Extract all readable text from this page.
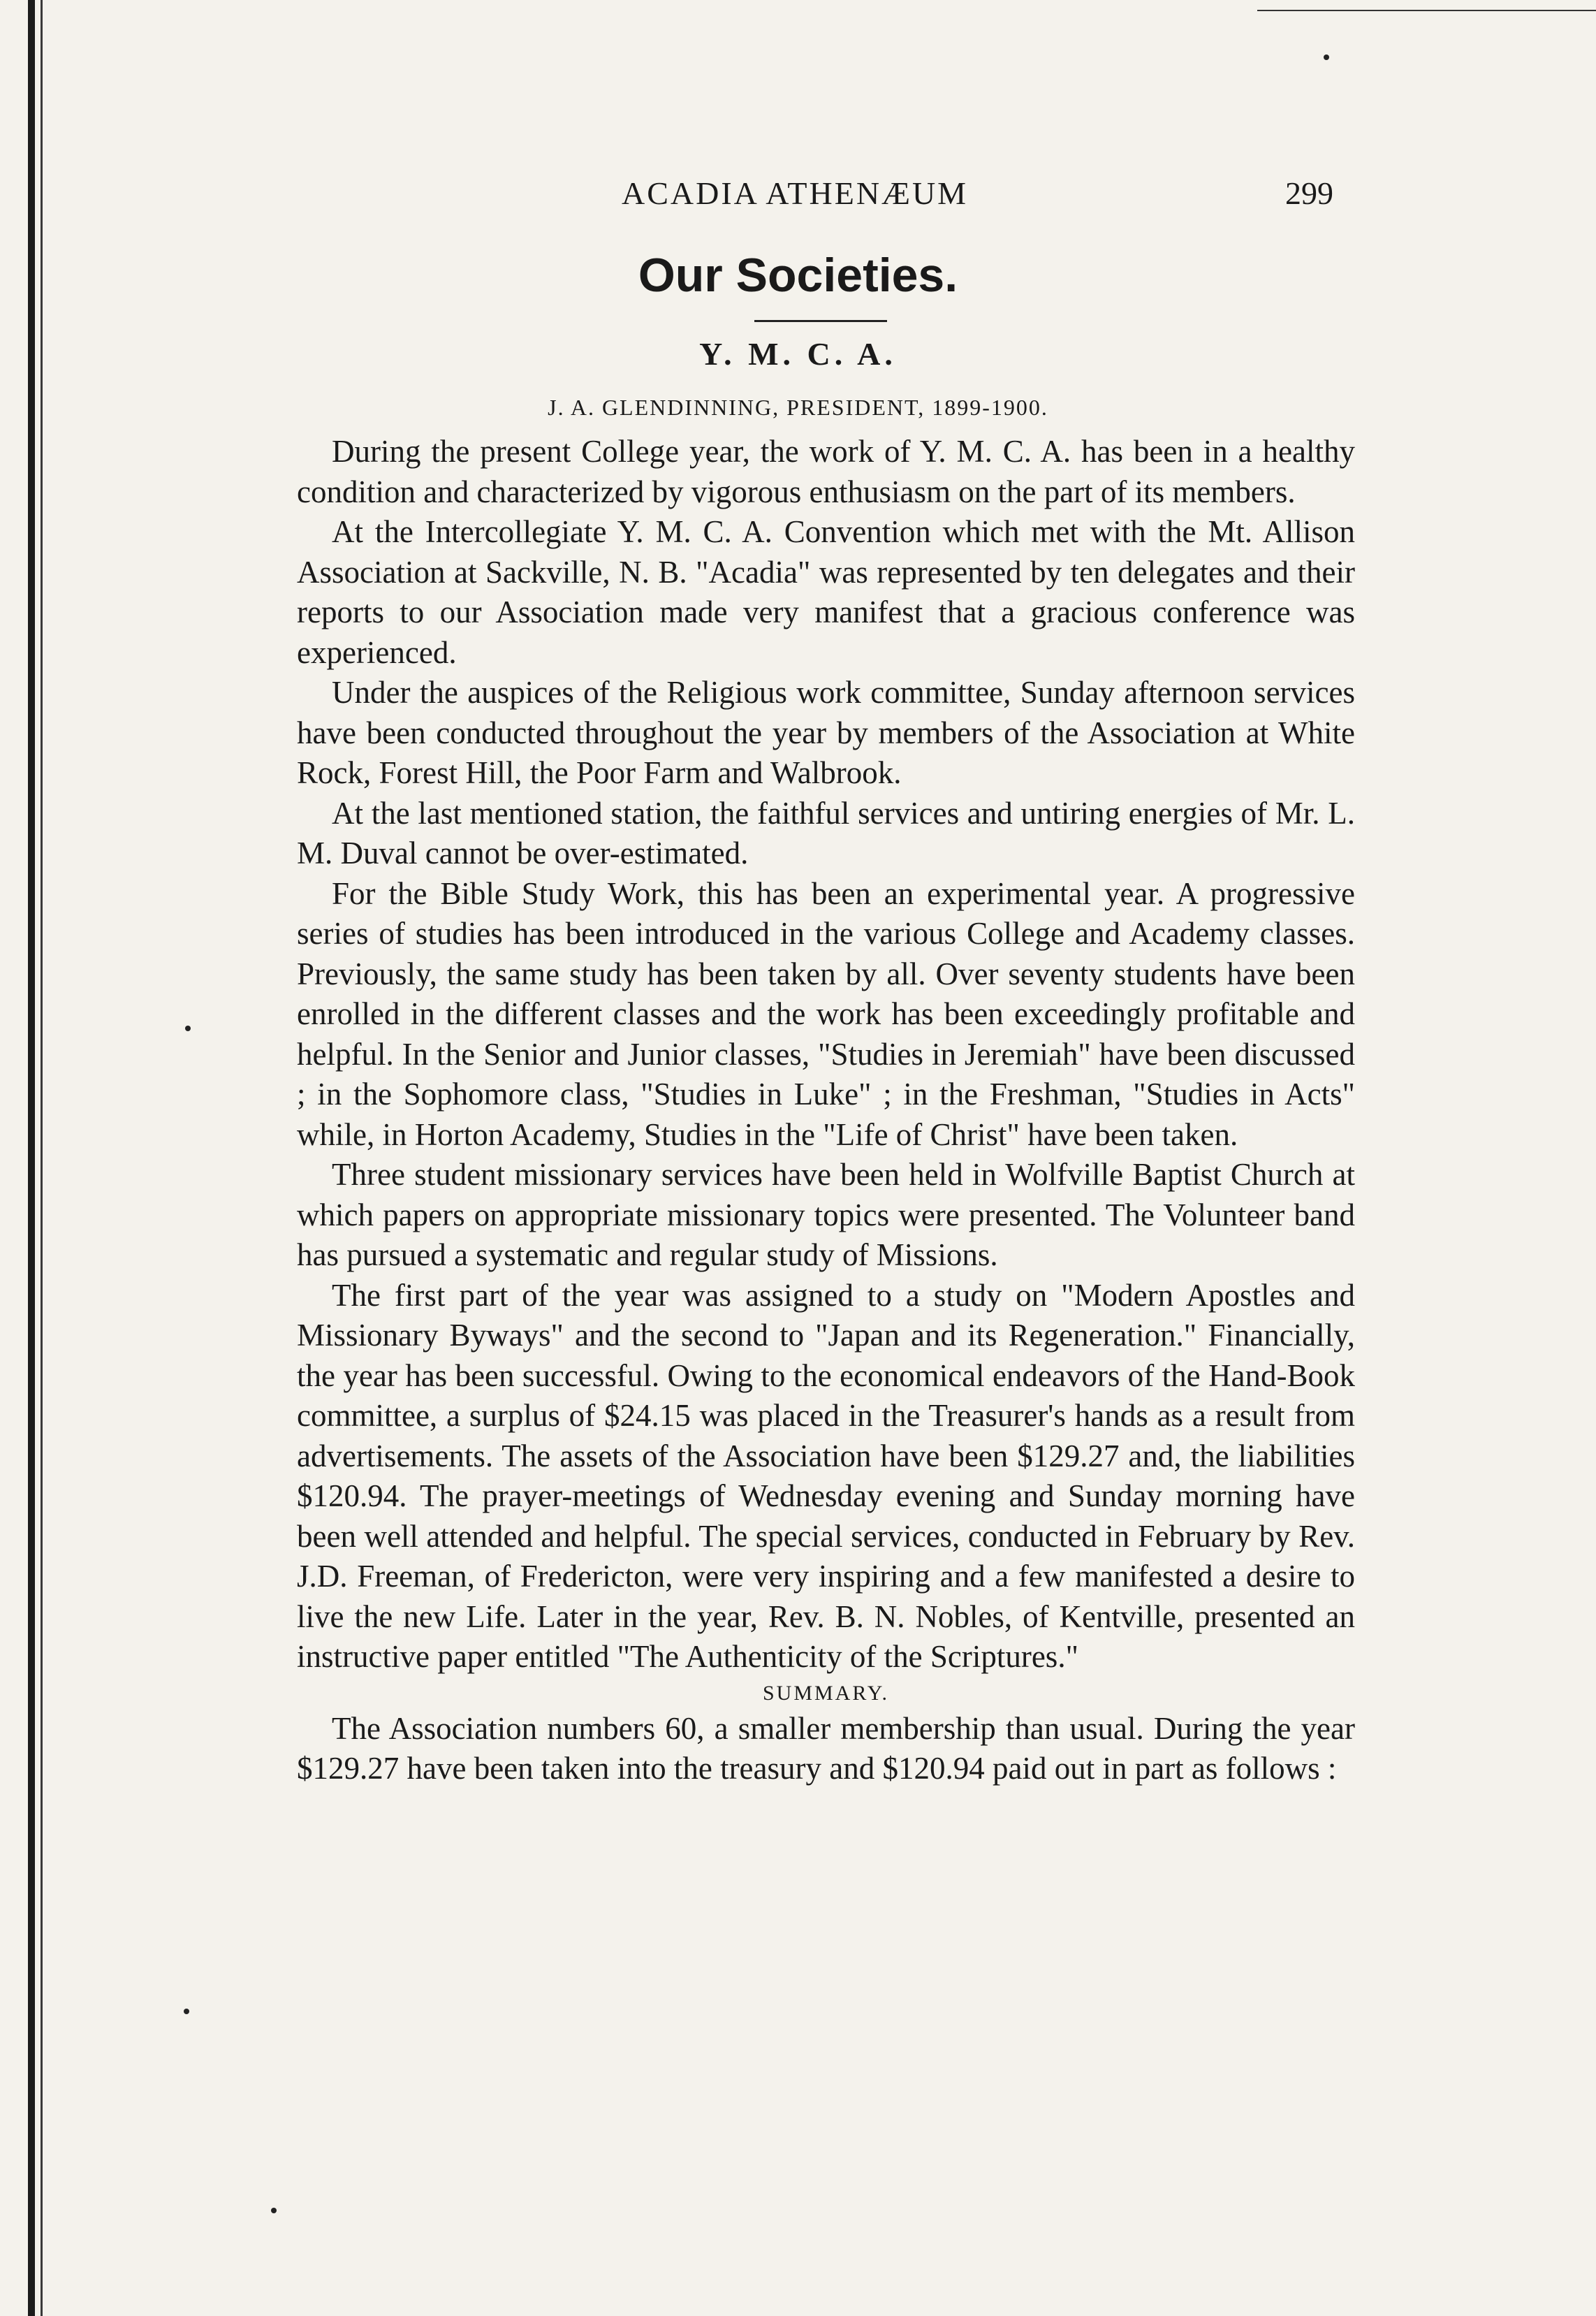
ACADIA ATHENÆUM	299
Our Societies.
Y. M. C. A.
J. A. GLENDINNING, PRESIDENT, 1899-1900.

During the present College year, the work of Y. M. C. A. has been in a healthy condition and characterized by vigorous enthusiasm on the part of its members.

At the Intercollegiate Y. M. C. A. Convention which met with the Mt. Allison Association at Sackville, N. B. "Acadia" was represented by ten delegates and their reports to our Association made very manifest that a gracious conference was experienced.

Under the auspices of the Religious work committee, Sunday afternoon services have been conducted throughout the year by members of the Association at White Rock, Forest Hill, the Poor Farm and Walbrook.

At the last mentioned station, the faithful services and untiring energies of Mr. L. M. Duval cannot be over-estimated.

For the Bible Study Work, this has been an experimental year. A progressive series of studies has been introduced in the various College and Academy classes. Previously, the same study has been taken by all. Over seventy students have been enrolled in the different classes and the work has been exceedingly profitable and helpful. In the Senior and Junior classes, "Studies in Jeremiah" have been discussed ; in the Sophomore class, "Studies in Luke" ; in the Freshman, "Studies in Acts" while, in Horton Academy, Studies in the "Life of Christ" have been taken.

Three student missionary services have been held in Wolfville Baptist Church at which papers on appropriate missionary topics were presented. The Volunteer band has pursued a systematic and regular study of Missions.

The first part of the year was assigned to a study on "Modern Apostles and Missionary Byways" and the second to "Japan and its Regeneration." Financially, the year has been successful. Owing to the economical endeavors of the Hand-Book committee, a surplus of $24.15 was placed in the Treasurer's hands as a result from advertisements. The assets of the Association have been $129.27 and, the liabilities $120.94. The prayer-meetings of Wednesday evening and Sunday morning have been well attended and helpful. The special services, conducted in February by Rev. J.D. Freeman, of Fredericton, were very inspiring and a few manifested a desire to live the new Life. Later in the year, Rev. B. N. Nobles, of Kentville, presented an instructive paper entitled "The Authenticity of the Scriptures."

SUMMARY.

The Association numbers 60, a smaller membership than usual. During the year $129.27 have been taken into the treasury and $120.94 paid out in part as follows :
